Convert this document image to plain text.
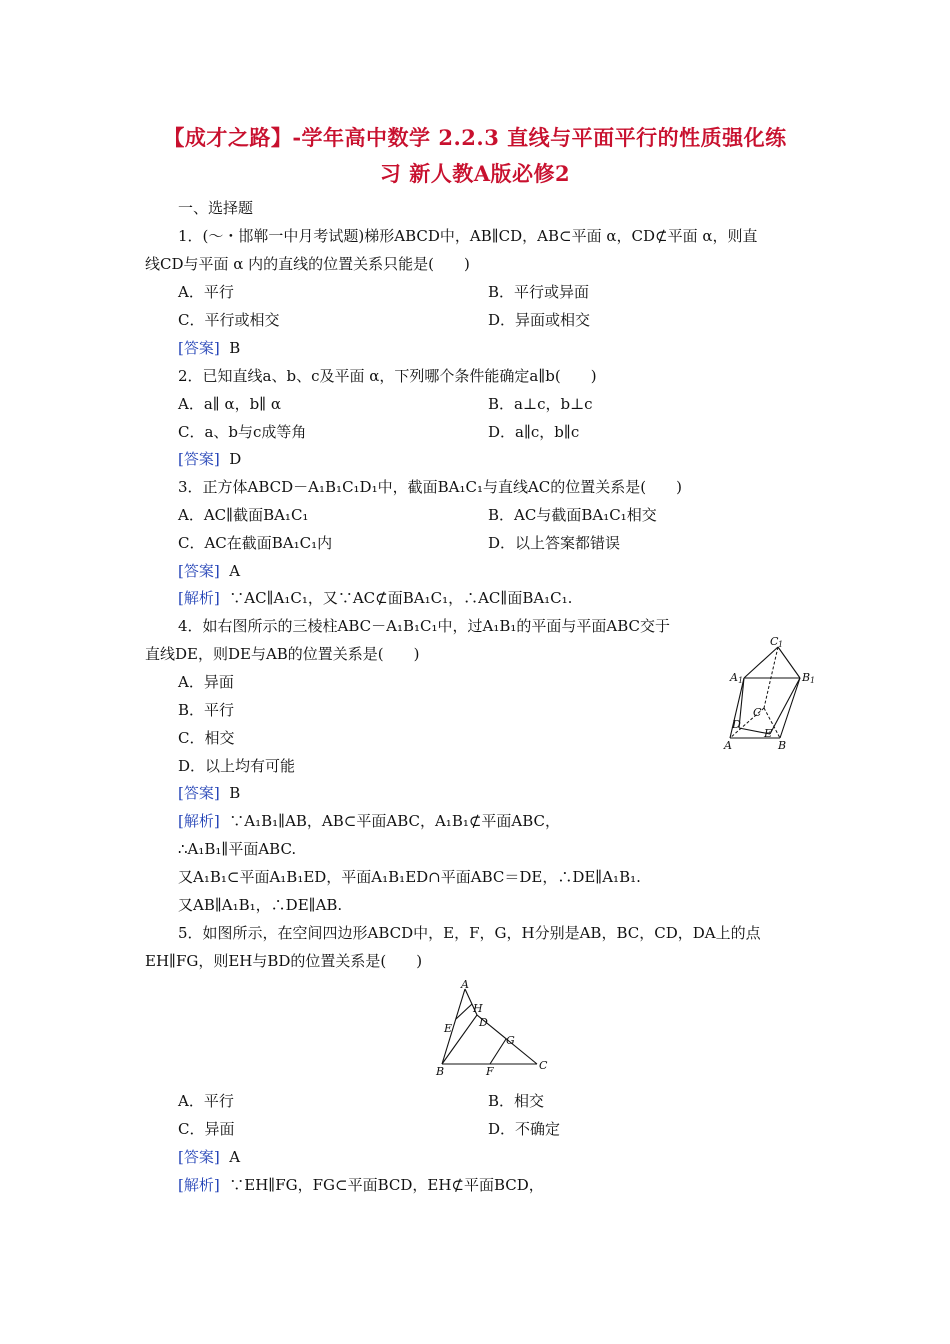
【成才之路】-学年高中数学 2.2.3 直线与平面平行的性质强化练
习 新人教A版必修2
一、选择题
1．(～・邯郸一中月考试题)梯形ABCD中，AB∥CD，AB⊂平面 α，CD⊄平面 α，则直
线CD与平面 α 内的直线的位置关系只能是(　　)
A．平行	B．平行或异面
C．平行或相交	D．异面或相交
[答案] B
2．已知直线a、b、c及平面 α，下列哪个条件能确定a∥b(　　)
A．a∥ α，b∥ α	B．a⊥c，b⊥c
C．a、b与c成等角	D．a∥c，b∥c
[答案] D
3．正方体ABCD－A₁B₁C₁D₁中，截面BA₁C₁与直线AC的位置关系是(　　)
A．AC∥截面BA₁C₁	B．AC与截面BA₁C₁相交
C．AC在截面BA₁C₁内	D．以上答案都错误
[答案] A
[解析] ∵AC∥A₁C₁，又∵AC⊄面BA₁C₁，∴AC∥面BA₁C₁.
4．如右图所示的三棱柱ABC－A₁B₁C₁中，过A₁B₁的平面与平面ABC交于
直线DE，则DE与AB的位置关系是(　　)
A．异面
B．平行
C．相交
D．以上均有可能
[答案] B
[解析] ∵A₁B₁∥AB，AB⊂平面ABC，A₁B₁⊄平面ABC，
∴A₁B₁∥平面ABC.
又A₁B₁⊂平面A₁B₁ED，平面A₁B₁ED∩平面ABC＝DE，∴DE∥A₁B₁.
又AB∥A₁B₁，∴DE∥AB.
C 1
A 1	B 1
D
C
E
A	B
5．如图所示，在空间四边形ABCD中，E，F，G，H分别是AB，BC，CD，DA上的点
EH∥FG，则EH与BD的位置关系是(　　)
A
H
E D
G
C
B	F
A．平行	B．相交
C．异面	D．不确定
[答案] A
[解析] ∵EH∥FG，FG⊂平面BCD，EH⊄平面BCD，
